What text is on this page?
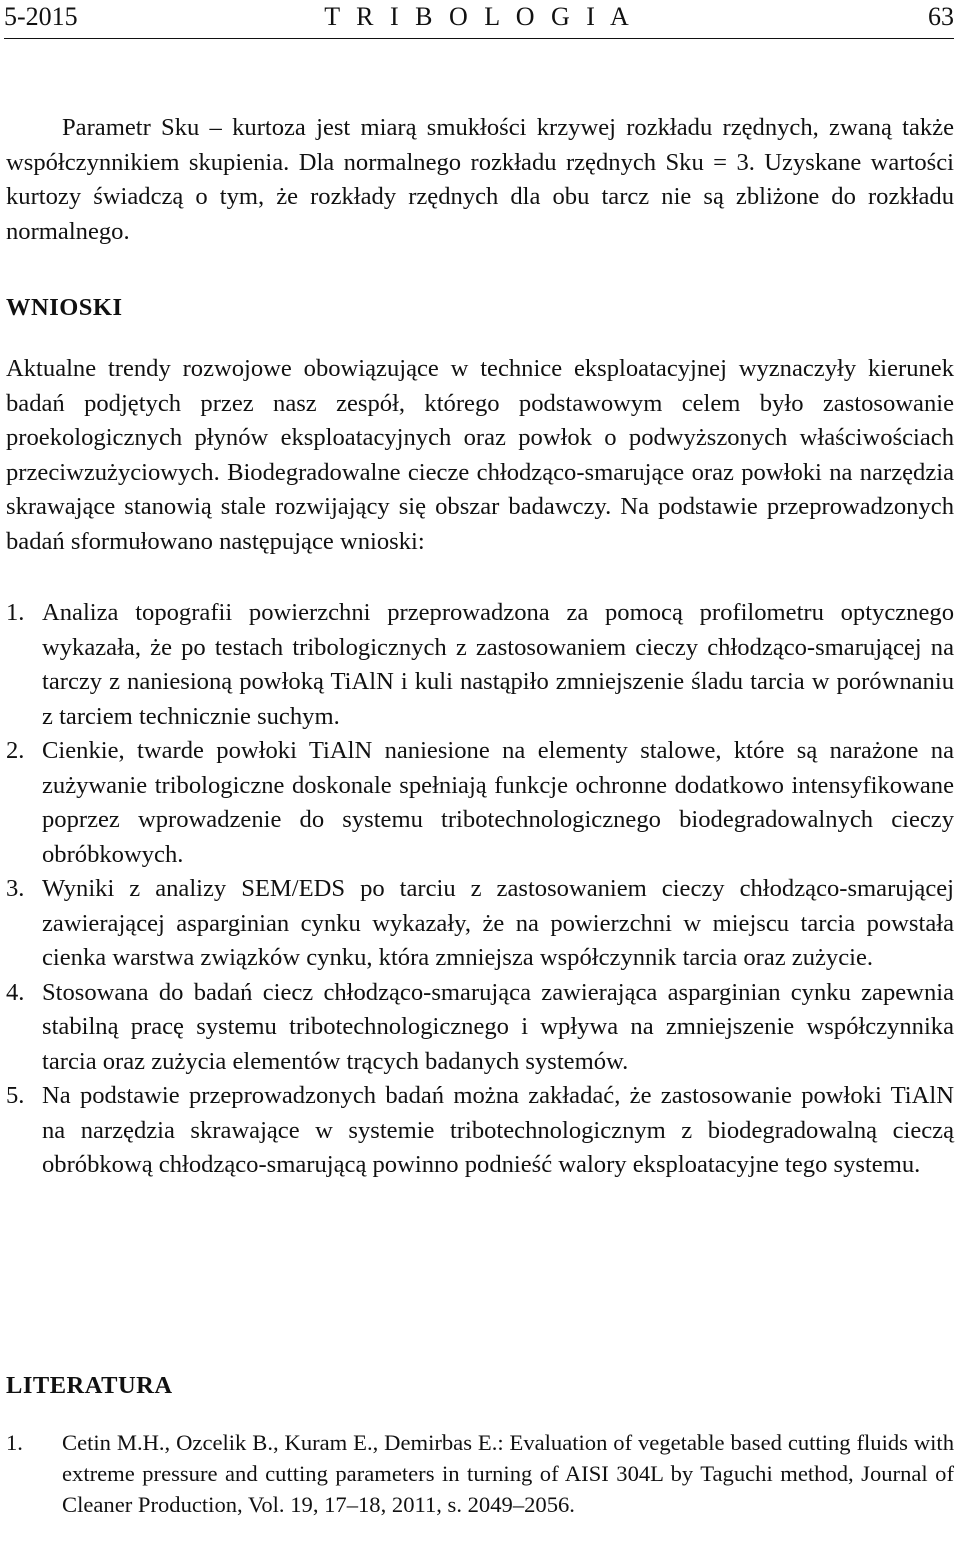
5-2015	T R I B O L O G I A	63

Parametr Sku – kurtoza jest miarą smukłości krzywej rozkładu rzędnych, zwaną także współczynnikiem skupienia. Dla normalnego rozkładu rzędnych Sku = 3. Uzyskane wartości kurtozy świadczą o tym, że rozkłady rzędnych dla obu tarcz nie są zbliżone do rozkładu normalnego.

WNIOSKI

Aktualne trendy rozwojowe obowiązujące w technice eksploatacyjnej wyznaczyły kierunek badań podjętych przez nasz zespół, którego podstawowym celem było zastosowanie proekologicznych płynów eksploatacyjnych oraz powłok o podwyższonych właściwościach przeciwzużyciowych. Biodegradowalne ciecze chłodząco-smarujące oraz powłoki na narzędzia skrawające stanowią stale rozwijający się obszar badawczy. Na podstawie przeprowadzonych badań sformułowano następujące wnioski:

1. Analiza topografii powierzchni przeprowadzona za pomocą profilometru optycznego wykazała, że po testach tribologicznych z zastosowaniem cieczy chłodząco-smarującej na tarczy z naniesioną powłoką TiAlN i kuli nastąpiło zmniejszenie śladu tarcia w porównaniu z tarciem technicznie suchym.
2. Cienkie, twarde powłoki TiAlN naniesione na elementy stalowe, które są narażone na zużywanie tribologiczne doskonale spełniają funkcje ochronne dodatkowo intensyfikowane poprzez wprowadzenie do systemu tribotechnologicznego biodegradowalnych cieczy obróbkowych.
3. Wyniki z analizy SEM/EDS po tarciu z zastosowaniem cieczy chłodząco-smarującej zawierającej asparginian cynku wykazały, że na powierzchni w miejscu tarcia powstała cienka warstwa związków cynku, która zmniejsza współczynnik tarcia oraz zużycie.
4. Stosowana do badań ciecz chłodząco-smarująca zawierająca asparginian cynku zapewnia stabilną pracę systemu tribotechnologicznego i wpływa na zmniejszenie współczynnika tarcia oraz zużycia elementów trących badanych systemów.
5. Na podstawie przeprowadzonych badań można zakładać, że zastosowanie powłoki TiAlN na narzędzia skrawające w systemie tribotechnologicznym z biodegradowalną cieczą obróbkową chłodząco-smarującą powinno podnieść walory eksploatacyjne tego systemu.
LITERATURA
1. Cetin M.H., Ozcelik B., Kuram E., Demirbas E.: Evaluation of vegetable based cutting fluids with extreme pressure and cutting parameters in turning of AISI 304L by Taguchi method, Journal of Cleaner Production, Vol. 19, 17–18, 2011, s. 2049–2056.
